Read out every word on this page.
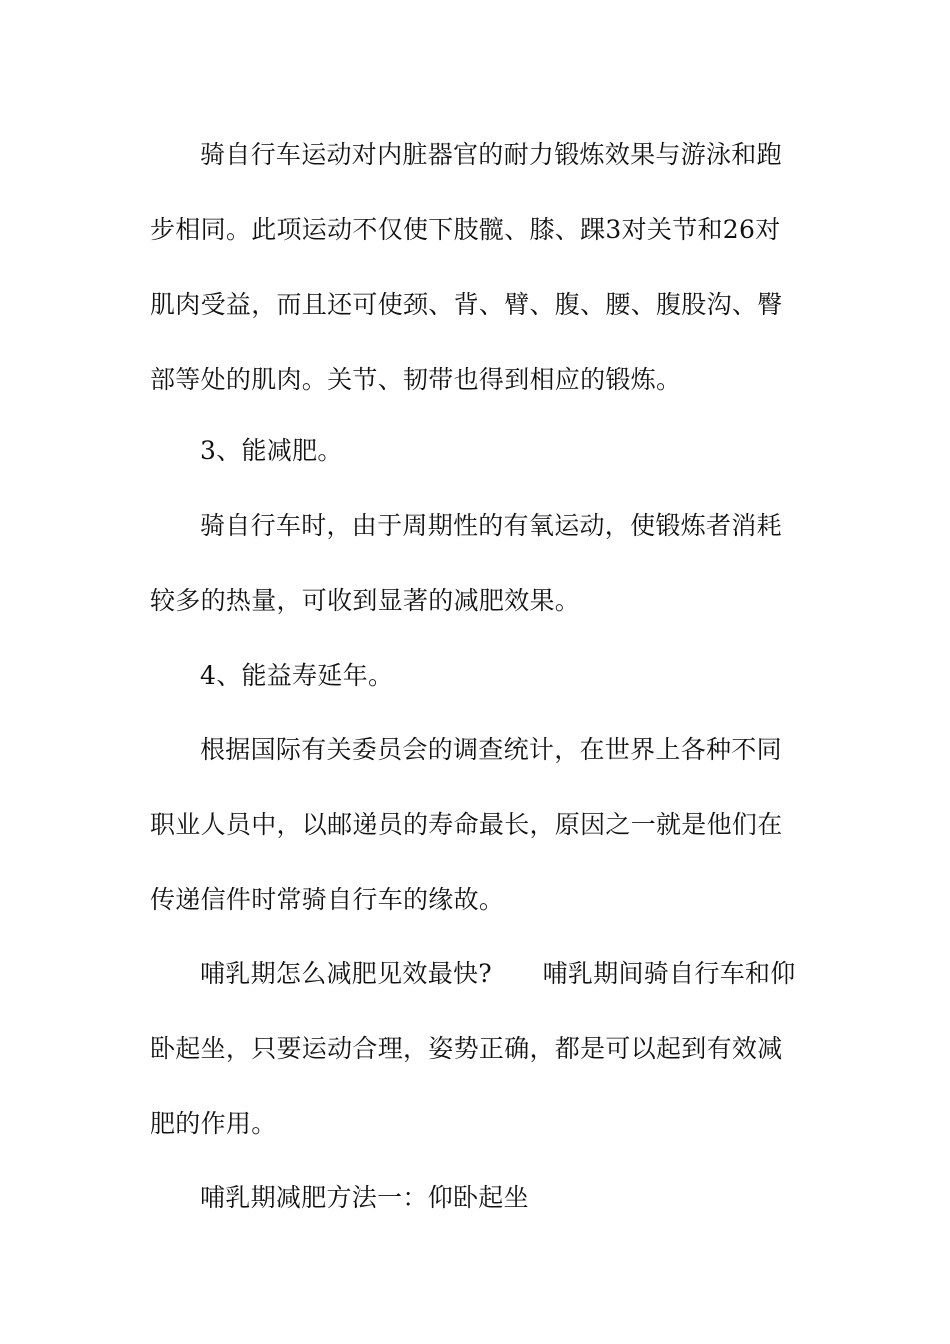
骑自行车运动对内脏器官的耐力锻炼效果与游泳和跑
步相同。此项运动不仅使下肢髋、膝、踝3对关节和26对
肌肉受益，而且还可使颈、背、臂、腹、腰、腹股沟、臀
部等处的肌肉。关节、韧带也得到相应的锻炼。

3、能减肥。

骑自行车时，由于周期性的有氧运动，使锻炼者消耗
较多的热量，可收到显著的减肥效果。

4、能益寿延年。

根据国际有关委员会的调查统计，在世界上各种不同
职业人员中，以邮递员的寿命最长，原因之一就是他们在
传递信件时常骑自行车的缘故。

哺乳期怎么减肥见效最快?　　哺乳期间骑自行车和仰
卧起坐，只要运动合理，姿势正确，都是可以起到有效减
肥的作用。

哺乳期减肥方法一：仰卧起坐
